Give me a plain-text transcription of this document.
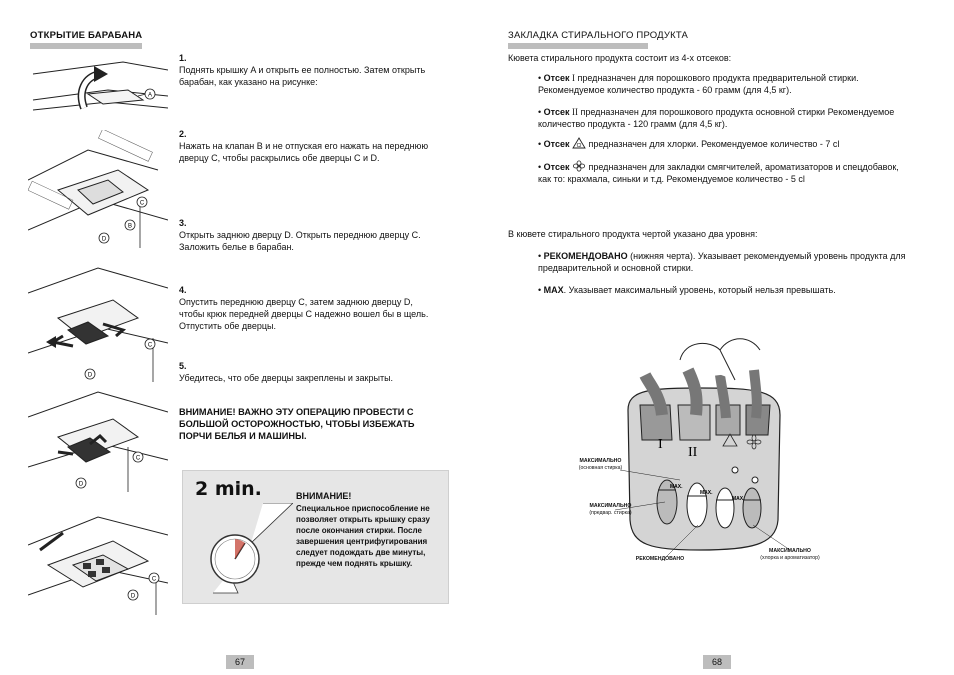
ОТКРЫТИЕ БАРАБАНА
A
C
B
D
C
D
C
D
C
D
1.
Поднять крышку A и открыть ее полностью. Затем открыть барабан, как указано на рисунке:
2.
Нажать на клапан B и не отпуская его нажать на переднюю дверцу C, чтобы раскрылись обе дверцы C и D.
3.
Открыть заднюю дверцу D. Открыть переднюю дверцу C. Заложить белье в барабан.
4.
Опустить переднюю дверцу C, затем заднюю дверцу D, чтобы крюк передней дверцы C надежно вошел бы в щель. Отпустить обе дверцы.
5.
Убедитесь, что обе дверцы закреплены и закрыты.
ВНИМАНИЕ! ВАЖНО ЭТУ ОПЕРАЦИЮ ПРОВЕСТИ С БОЛЬШОЙ ОСТОРОЖНОСТЬЮ, ЧТОБЫ ИЗБЕЖАТЬ ПОРЧИ БЕЛЬЯ И МАШИНЫ.
2 min.	ВНИМАНИЕ!
Специальное приспособление не позволяет открыть крышку сразу после окончания стирки. После завершения центрифугирования следует подождать две минуты, прежде чем поднять крышку.
67
ЗАКЛАДКА СТИРАЛЬНОГО ПРОДУКТА
Кювета стирального продукта состоит из 4-х отсеков:
• Отсек I предназначен для порошкового продукта предварительной стирки. Рекомендуемое количество продукта - 60 грамм (для 4,5 кг).
• Отсек II предназначен для порошкового продукта основной стирки Рекомендуемое количество продукта - 120 грамм (для 4,5 кг).
• Отсек Cl предназначен для хлорки. Рекомендуемое количество - 7 cl
• Отсек предназначен для закладки смягчителей, ароматизаторов и спецдобавок, как то: крахмала, синьки и т.д. Рекомендуемое количество - 5 cl
В кювете стирального продукта чертой указано два уровня:
• РЕКОМЕНДОВАНО (нижняя черта). Указывает рекомендуемый уровень продукта для предварительной и основной стирки.
• MAX. Указывает максимальный уровень, который нельзя превышать.
I
II
MAX.
MAX.
MAX.
МАКСИМАЛЬНО
(основная стирка)
МАКСИМАЛЬНО
(предвар. стирка)
РЕКОМЕНДОВАНО
МАКСИМАЛЬНО
(хлорка и ароматизатор)
68
